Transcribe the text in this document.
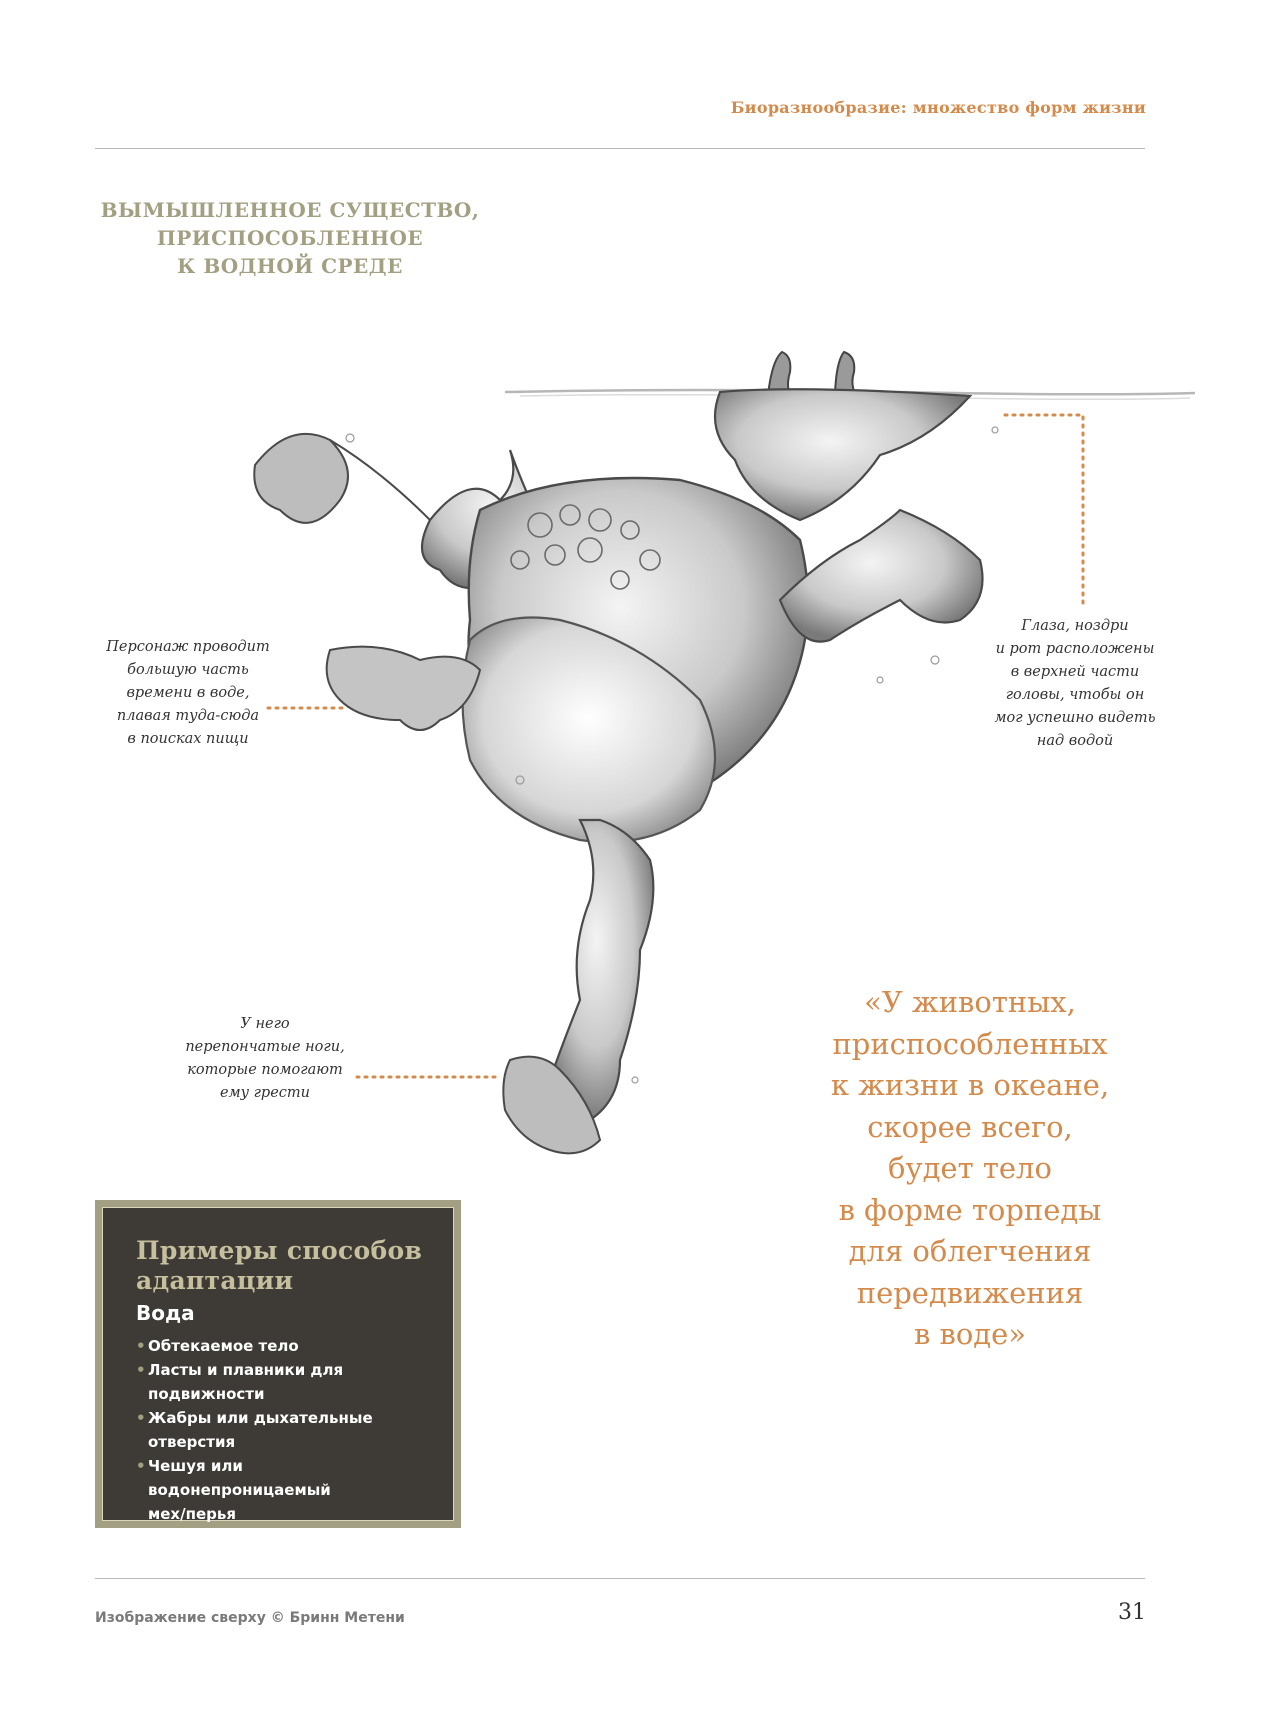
Биоразнообразие: множество форм жизни
ВЫМЫШЛЕННОЕ СУЩЕСТВО,
ПРИСПОСОБЛЕННОЕ
К ВОДНОЙ СРЕДЕ
Персонаж проводит
большую часть
времени в воде,
плавая туда-сюда
в поисках пищи
Глаза, ноздри
и рот расположены
в верхней части
головы, чтобы он
мог успешно видеть
над водой
У него
перепончатые ноги,
которые помогают
ему грести
«У животных,
приспособленных
к жизни в океане,
скорее всего,
будет тело
в форме торпеды
для облегчения
передвижения
в воде»
Примеры способов
адаптации
Вода
• Обтекаемое тело
• Ласты и плавники для
подвижности
• Жабры или дыхательные
отверстия
• Чешуя или водонепроницаемый
мех/перья
Изображение сверху © Бринн Метени	31
